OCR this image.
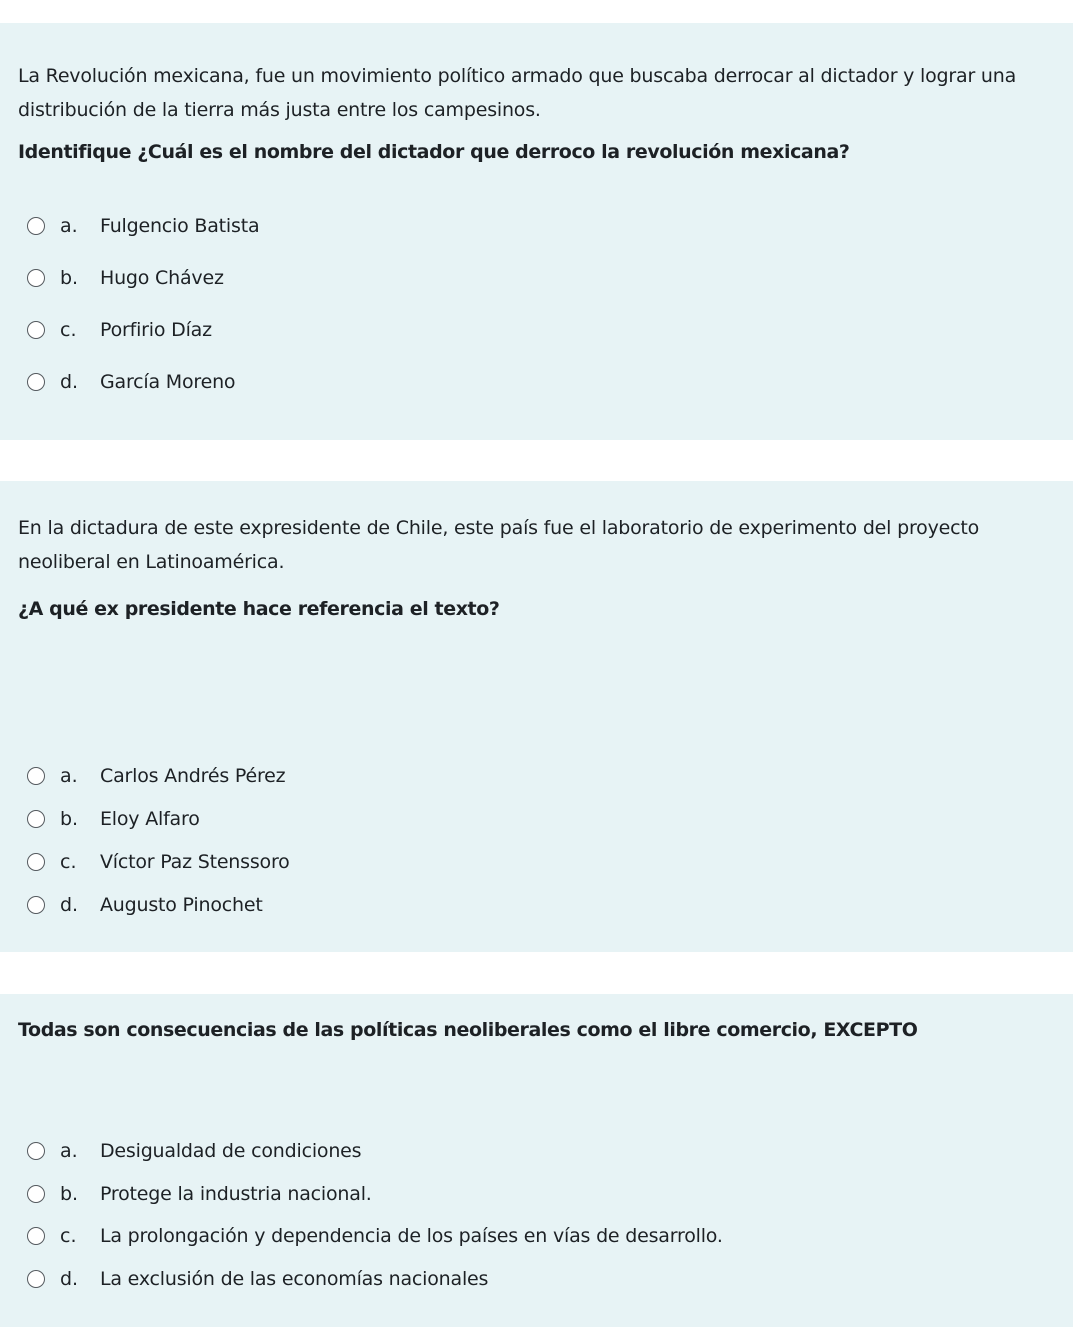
La Revolución mexicana, fue un movimiento político armado que buscaba derrocar al dictador y lograr una distribución de la tierra más justa entre los campesinos.

Identifique ¿Cuál es el nombre del dictador que derroco la revolución mexicana?

a.	Fulgencio Batista
b.	Hugo Chávez
c.	Porfirio Díaz
d.	García Moreno

En la dictadura de este expresidente de Chile, este país fue el laboratorio de experimento del proyecto neoliberal en Latinoamérica.

¿A qué ex presidente hace referencia el texto?

a.	Carlos Andrés Pérez
b.	Eloy Alfaro
c.	Víctor Paz Stenssoro
d.	Augusto Pinochet

Todas son consecuencias de las políticas neoliberales como el libre comercio, EXCEPTO

a.	Desigualdad de condiciones
b.	Protege la industria nacional.
c.	La prolongación y dependencia de los países en vías de desarrollo.
d.	La exclusión de las economías nacionales
